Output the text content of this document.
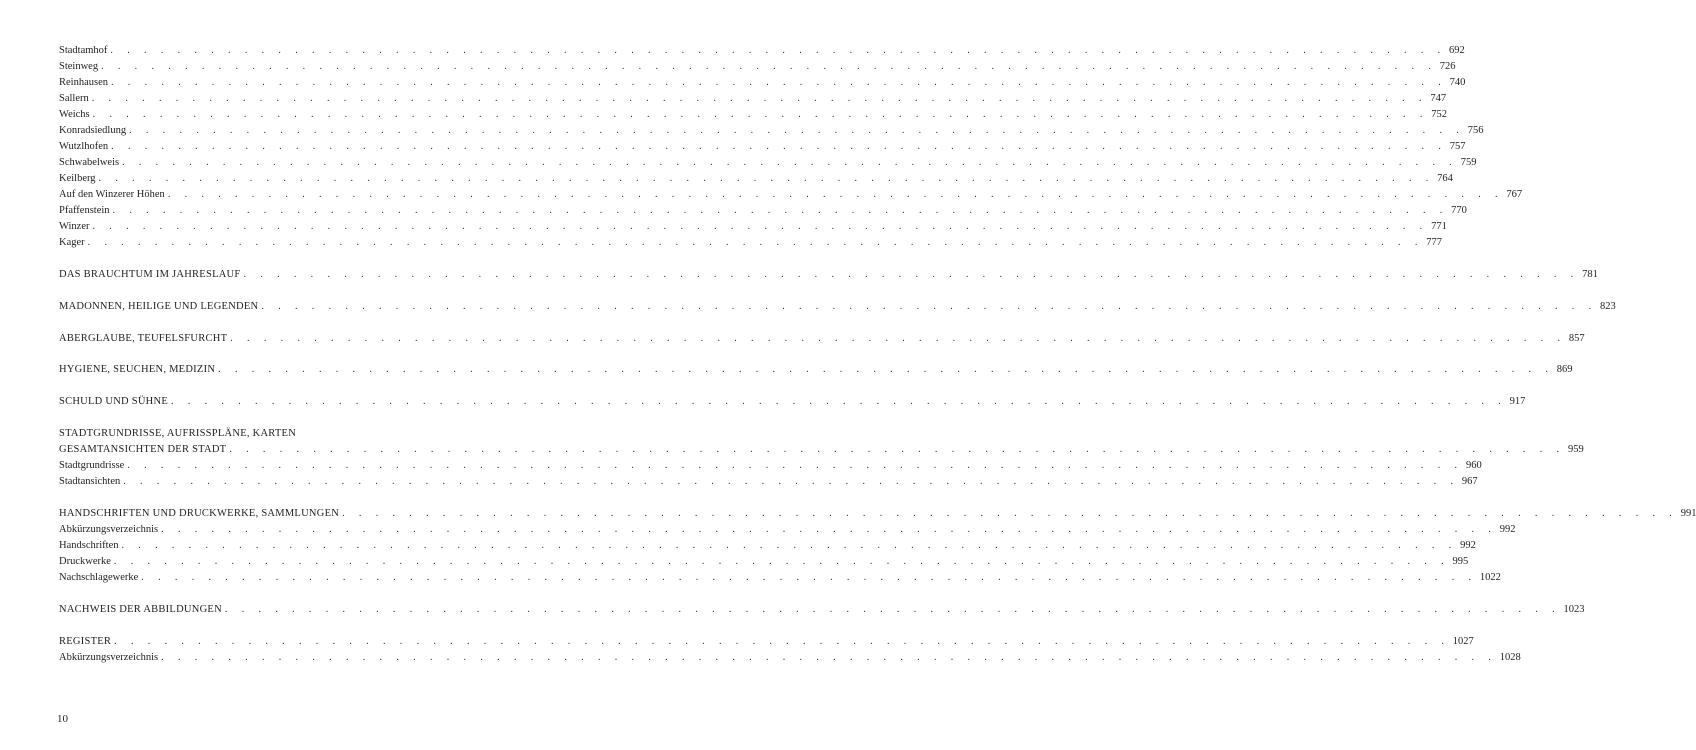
Stadtamhof . . . . . . . . . . . . . . . . . . . . . . . . . . . . . . . . . . . . . . . . . . . . . . . . . . . . . . . . . . . . . . . . . . . . . . . . . . . . . . . . 692
Steinweg . . . . . . . . . . . . . . . . . . . . . . . . . . . . . . . . . . . . . . . . . . . . . . . . . . . . . . . . . . . . . . . . . . . . . . . . . . . . . . . . 726
Reinhausen . . . . . . . . . . . . . . . . . . . . . . . . . . . . . . . . . . . . . . . . . . . . . . . . . . . . . . . . . . . . . . . . . . . . . . . . . . . . . . . . 740
Sallern . . . . . . . . . . . . . . . . . . . . . . . . . . . . . . . . . . . . . . . . . . . . . . . . . . . . . . . . . . . . . . . . . . . . . . . . . . . . . . . . 747
Weichs . . . . . . . . . . . . . . . . . . . . . . . . . . . . . . . . . . . . . . . . . . . . . . . . . . . . . . . . . . . . . . . . . . . . . . . . . . . . . . . . 752
Konradsiedlung . . . . . . . . . . . . . . . . . . . . . . . . . . . . . . . . . . . . . . . . . . . . . . . . . . . . . . . . . . . . . . . . . . . . . . . . . . . . . . . . 756
Wutzlhofen . . . . . . . . . . . . . . . . . . . . . . . . . . . . . . . . . . . . . . . . . . . . . . . . . . . . . . . . . . . . . . . . . . . . . . . . . . . . . . . . 757
Schwabelweis . . . . . . . . . . . . . . . . . . . . . . . . . . . . . . . . . . . . . . . . . . . . . . . . . . . . . . . . . . . . . . . . . . . . . . . . . . . . . . . . 759
Keilberg . . . . . . . . . . . . . . . . . . . . . . . . . . . . . . . . . . . . . . . . . . . . . . . . . . . . . . . . . . . . . . . . . . . . . . . . . . . . . . . . 764
Auf den Winzerer Höhen . . . . . . . . . . . . . . . . . . . . . . . . . . . . . . . . . . . . . . . . . . . . . . . . . . . . . . . . . . . . . . . . . . . . . . . . . . . . . . . . 767
Pfaffenstein . . . . . . . . . . . . . . . . . . . . . . . . . . . . . . . . . . . . . . . . . . . . . . . . . . . . . . . . . . . . . . . . . . . . . . . . . . . . . . . . 770
Winzer . . . . . . . . . . . . . . . . . . . . . . . . . . . . . . . . . . . . . . . . . . . . . . . . . . . . . . . . . . . . . . . . . . . . . . . . . . . . . . . . 771
Kager . . . . . . . . . . . . . . . . . . . . . . . . . . . . . . . . . . . . . . . . . . . . . . . . . . . . . . . . . . . . . . . . . . . . . . . . . . . . . . . . 777
DAS BRAUCHTUM IM JAHRESLAUF . . . . . . . . . . . . . . . . . . . . . . . . . . . . . . . . . . . . . . . . . . . . . . . . . . . . . . . . . . . . . . . . . . . . . . . . . . . . . . . . 781
MADONNEN, HEILIGE UND LEGENDEN . . . . . . . . . . . . . . . . . . . . . . . . . . . . . . . . . . . . . . . . . . . . . . . . . . . . . . . . . . . . . . . . . . . . . . . . . . . . . . . . 823
ABERGLAUBE, TEUFELSFURCHT . . . . . . . . . . . . . . . . . . . . . . . . . . . . . . . . . . . . . . . . . . . . . . . . . . . . . . . . . . . . . . . . . . . . . . . . . . . . . . . . 857
HYGIENE, SEUCHEN, MEDIZIN . . . . . . . . . . . . . . . . . . . . . . . . . . . . . . . . . . . . . . . . . . . . . . . . . . . . . . . . . . . . . . . . . . . . . . . . . . . . . . . . 869
SCHULD UND SÜHNE . . . . . . . . . . . . . . . . . . . . . . . . . . . . . . . . . . . . . . . . . . . . . . . . . . . . . . . . . . . . . . . . . . . . . . . . . . . . . . . . 917
STADTGRUNDRISSE, AUFRISSPLÄNE, KARTEN
GESAMTANSICHTEN DER STADT . . . . . . . . . . . . . . . . . . . . . . . . . . . . . . . . . . . . . . . . . . . . . . . . . . . . . . . . . . . . . . . . . . . . . . . . . . . . . . . . 959
Stadtgrundrisse . . . . . . . . . . . . . . . . . . . . . . . . . . . . . . . . . . . . . . . . . . . . . . . . . . . . . . . . . . . . . . . . . . . . . . . . . . . . . . . . 960
Stadtansichten . . . . . . . . . . . . . . . . . . . . . . . . . . . . . . . . . . . . . . . . . . . . . . . . . . . . . . . . . . . . . . . . . . . . . . . . . . . . . . . . 967
HANDSCHRIFTEN UND DRUCKWERKE, SAMMLUNGEN . . . . . . . . . . . . . . . . . . . . . . . . . . . . . . . . . . . . . . . . . . . . . . . . . . . . . . . . . . . . . . . . . . . . . . . . . . . . . . . . 991
Abkürzungsverzeichnis . . . . . . . . . . . . . . . . . . . . . . . . . . . . . . . . . . . . . . . . . . . . . . . . . . . . . . . . . . . . . . . . . . . . . . . . . . . . . . . . 992
Handschriften . . . . . . . . . . . . . . . . . . . . . . . . . . . . . . . . . . . . . . . . . . . . . . . . . . . . . . . . . . . . . . . . . . . . . . . . . . . . . . . . 992
Druckwerke . . . . . . . . . . . . . . . . . . . . . . . . . . . . . . . . . . . . . . . . . . . . . . . . . . . . . . . . . . . . . . . . . . . . . . . . . . . . . . . . 995
Nachschlagewerke . . . . . . . . . . . . . . . . . . . . . . . . . . . . . . . . . . . . . . . . . . . . . . . . . . . . . . . . . . . . . . . . . . . . . . . . . . . . . . . . 1022
NACHWEIS DER ABBILDUNGEN . . . . . . . . . . . . . . . . . . . . . . . . . . . . . . . . . . . . . . . . . . . . . . . . . . . . . . . . . . . . . . . . . . . . . . . . . . . . . . . . 1023
REGISTER . . . . . . . . . . . . . . . . . . . . . . . . . . . . . . . . . . . . . . . . . . . . . . . . . . . . . . . . . . . . . . . . . . . . . . . . . . . . . . . . 1027
Abkürzungsverzeichnis . . . . . . . . . . . . . . . . . . . . . . . . . . . . . . . . . . . . . . . . . . . . . . . . . . . . . . . . . . . . . . . . . . . . . . . . . . . . . . . . 1028
10
